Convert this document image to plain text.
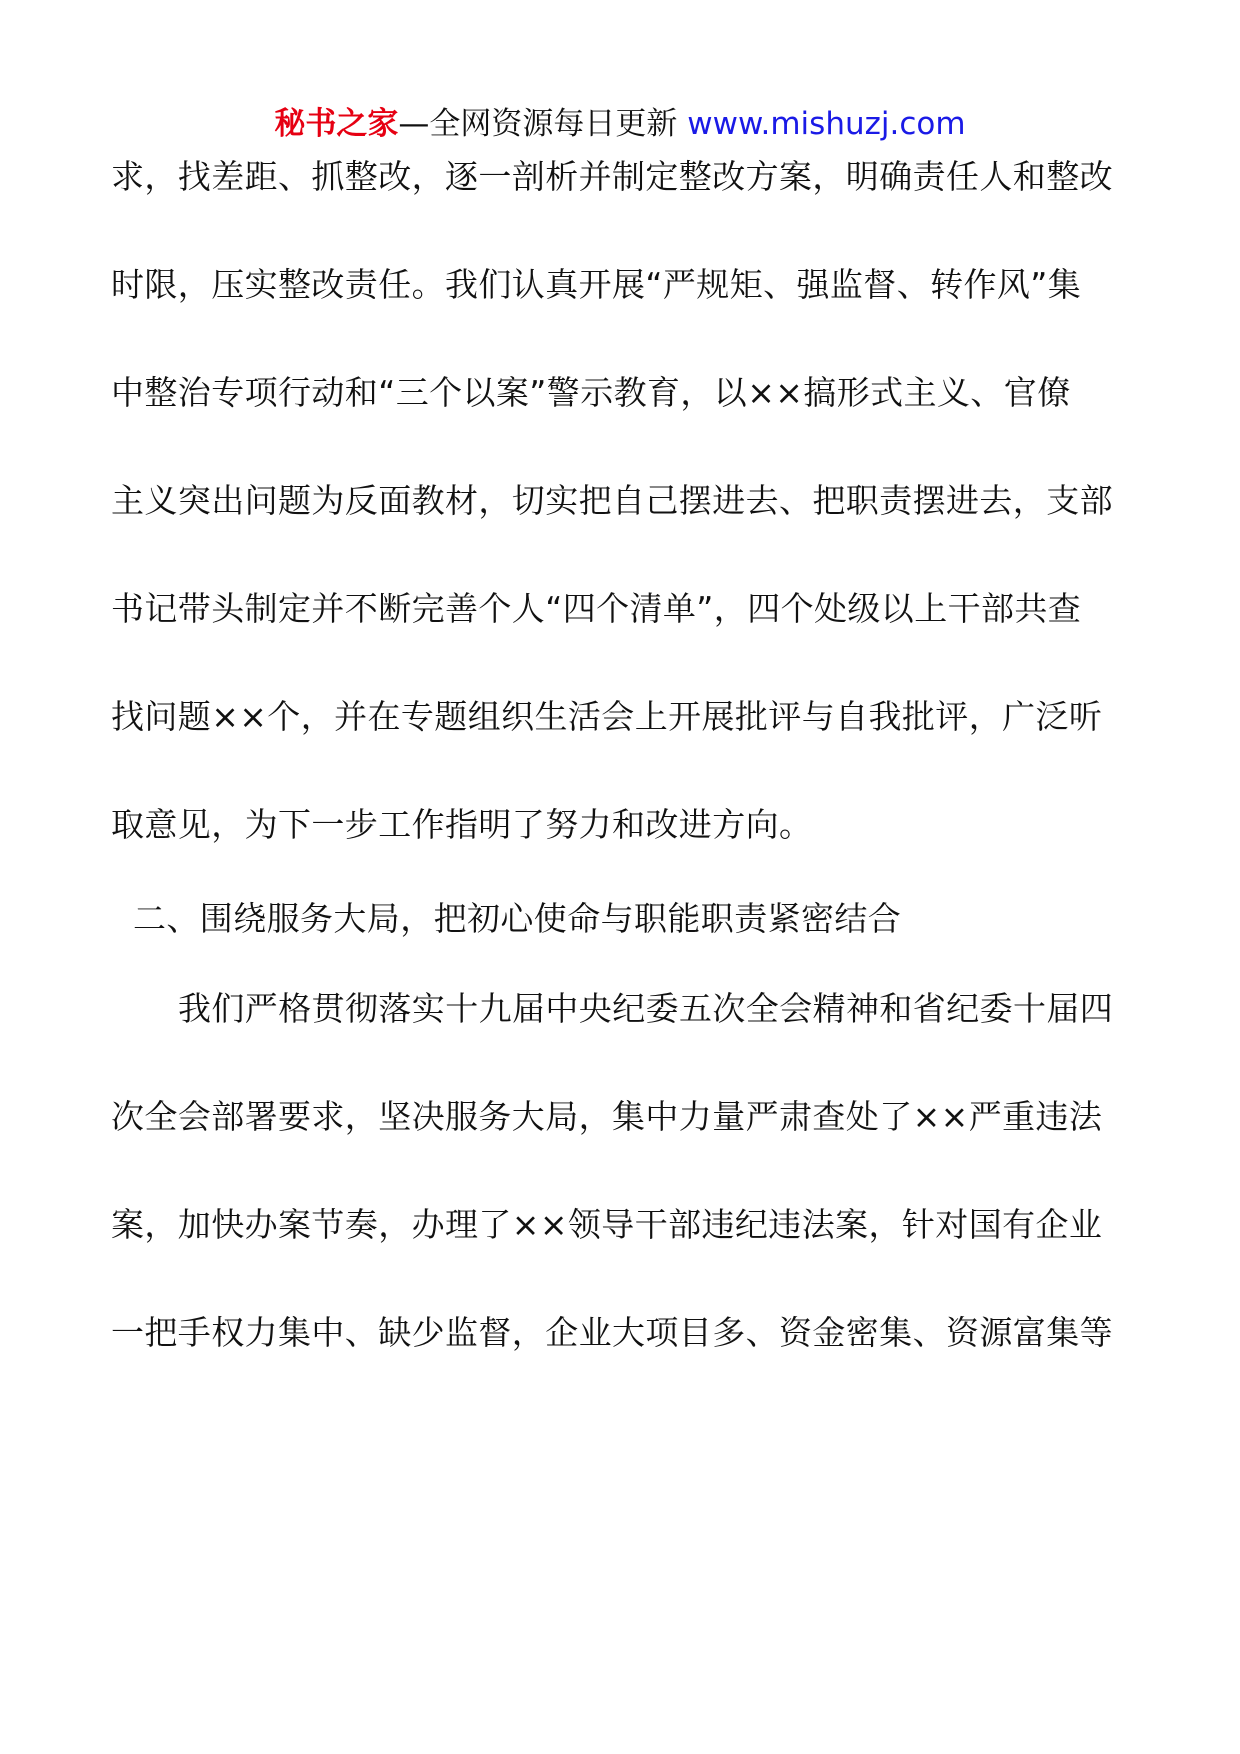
秘书之家—全网资源每日更新 www.mishuzj.com
求，找差距、抓整改，逐一剖析并制定整改方案，明确责任人和整改
时限，压实整改责任。我们认真开展“严规矩、强监督、转作风”集
中整治专项行动和“三个以案”警示教育，以××搞形式主义、官僚
主义突出问题为反面教材，切实把自己摆进去、把职责摆进去，支部
书记带头制定并不断完善个人“四个清单”，四个处级以上干部共查
找问题××个，并在专题组织生活会上开展批评与自我批评，广泛听
取意见，为下一步工作指明了努力和改进方向。
二、围绕服务大局，把初心使命与职能职责紧密结合
我们严格贯彻落实十九届中央纪委五次全会精神和省纪委十届四
次全会部署要求，坚决服务大局，集中力量严肃查处了××严重违法
案，加快办案节奏，办理了××领导干部违纪违法案，针对国有企业
一把手权力集中、缺少监督，企业大项目多、资金密集、资源富集等
